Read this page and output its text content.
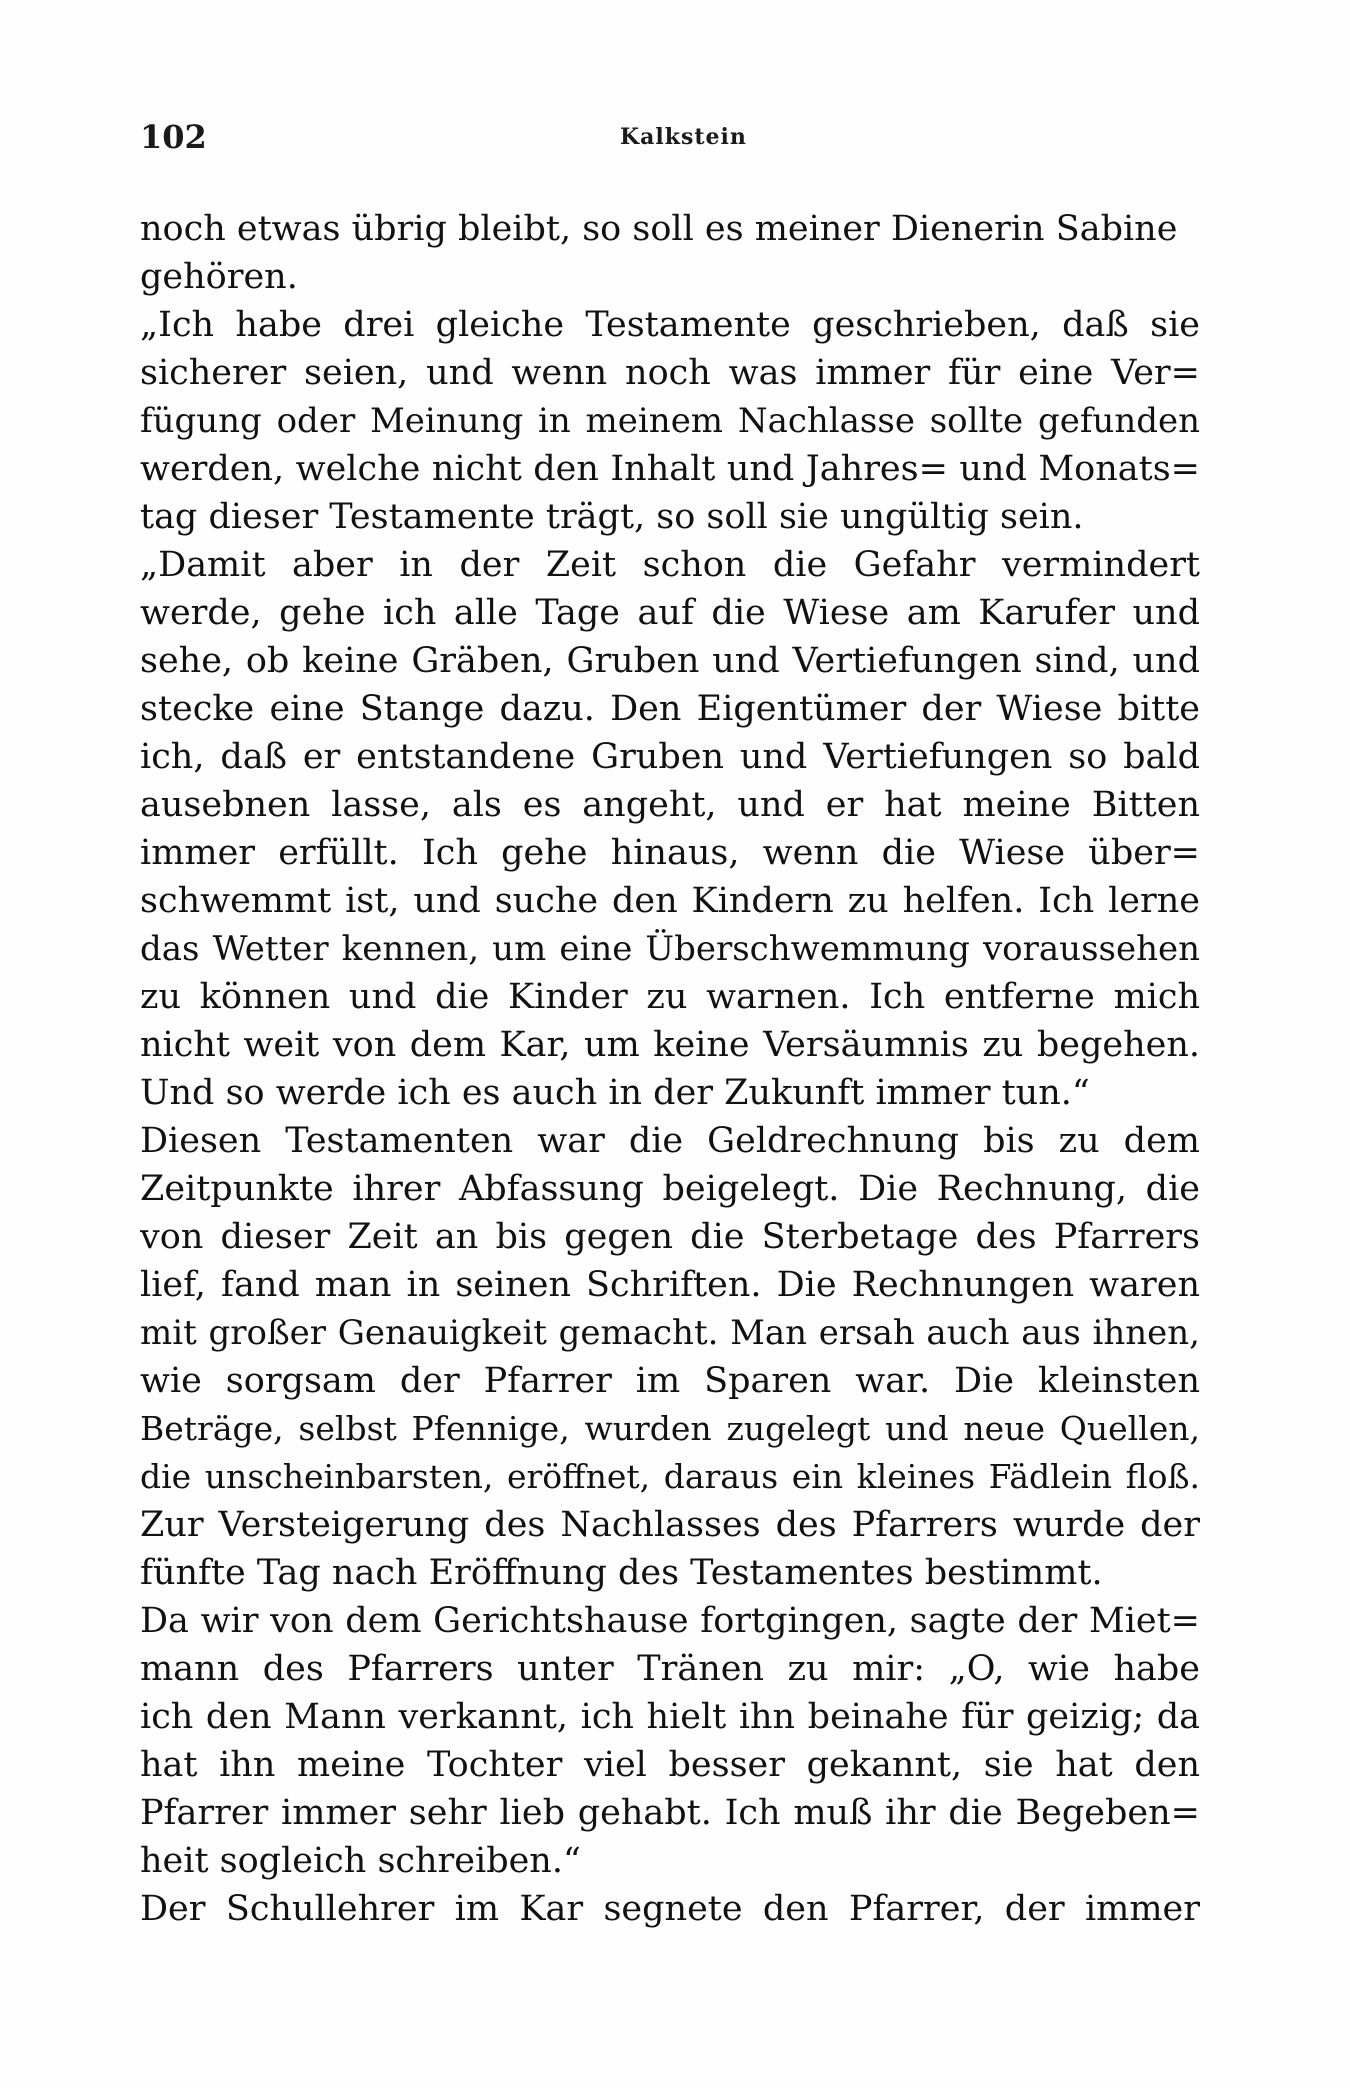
102	Kalkstein
noch etwas übrig bleibt, so soll es meiner Dienerin Sabine
gehören.
„Ich habe drei gleiche Testamente geschrieben, daß sie
sicherer seien, und wenn noch was immer für eine Ver=
fügung oder Meinung in meinem Nachlasse sollte gefunden
werden, welche nicht den Inhalt und Jahres= und Monats=
tag dieser Testamente trägt, so soll sie ungültig sein.
„Damit aber in der Zeit schon die Gefahr vermindert
werde, gehe ich alle Tage auf die Wiese am Karufer und
sehe, ob keine Gräben, Gruben und Vertiefungen sind, und
stecke eine Stange dazu. Den Eigentümer der Wiese bitte
ich, daß er entstandene Gruben und Vertiefungen so bald
ausebnen lasse, als es angeht, und er hat meine Bitten
immer erfüllt. Ich gehe hinaus, wenn die Wiese über=
schwemmt ist, und suche den Kindern zu helfen. Ich lerne
das Wetter kennen, um eine Überschwemmung voraussehen
zu können und die Kinder zu warnen. Ich entferne mich
nicht weit von dem Kar, um keine Versäumnis zu begehen.
Und so werde ich es auch in der Zukunft immer tun.“
Diesen Testamenten war die Geldrechnung bis zu dem
Zeitpunkte ihrer Abfassung beigelegt. Die Rechnung, die
von dieser Zeit an bis gegen die Sterbetage des Pfarrers
lief, fand man in seinen Schriften. Die Rechnungen waren
mit großer Genauigkeit gemacht. Man ersah auch aus ihnen,
wie sorgsam der Pfarrer im Sparen war. Die kleinsten
Beträge, selbst Pfennige, wurden zugelegt und neue Quellen,
die unscheinbarsten, eröffnet, daraus ein kleines Fädlein floß.
Zur Versteigerung des Nachlasses des Pfarrers wurde der
fünfte Tag nach Eröffnung des Testamentes bestimmt.
Da wir von dem Gerichtshause fortgingen, sagte der Miet=
mann des Pfarrers unter Tränen zu mir: „O, wie habe
ich den Mann verkannt, ich hielt ihn beinahe für geizig; da
hat ihn meine Tochter viel besser gekannt, sie hat den
Pfarrer immer sehr lieb gehabt. Ich muß ihr die Begeben=
heit sogleich schreiben.“
Der Schullehrer im Kar segnete den Pfarrer, der immer
